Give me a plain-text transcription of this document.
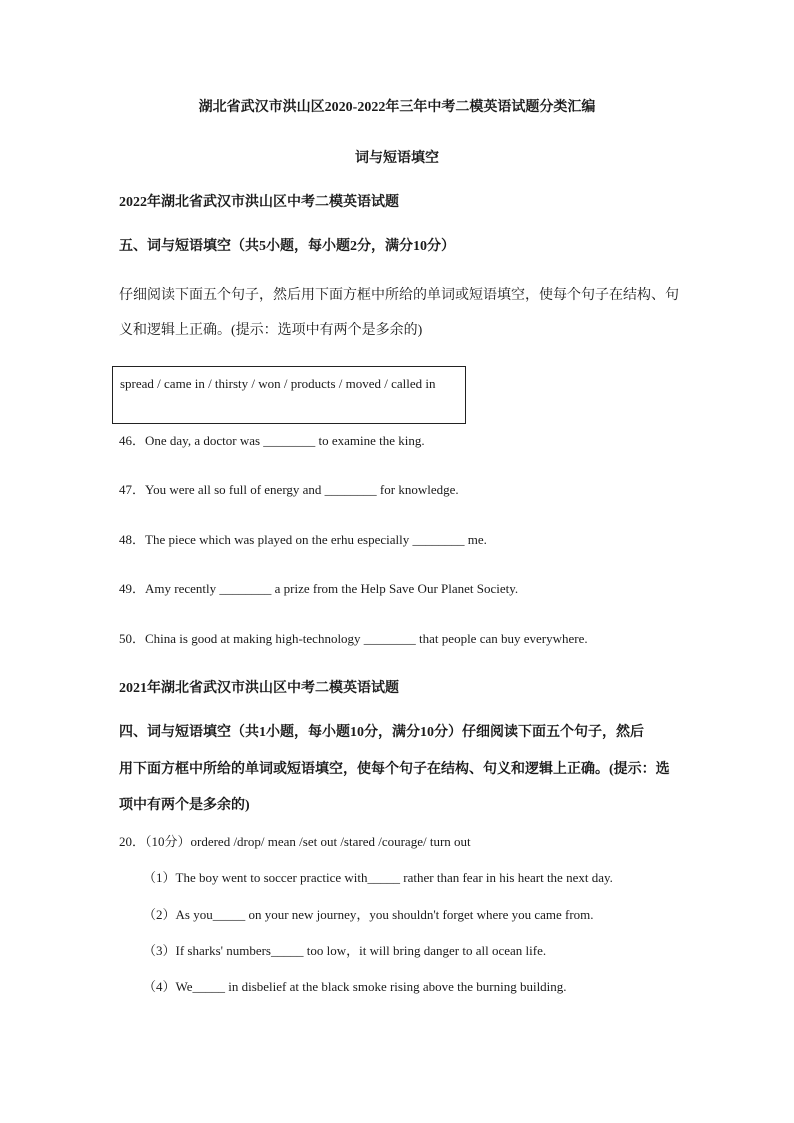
湖北省武汉市洪山区2020-2022年三年中考二模英语试题分类汇编
词与短语填空
2022年湖北省武汉市洪山区中考二模英语试题
五、词与短语填空（共5小题，每小题2分，满分10分）
仔细阅读下面五个句子，然后用下面方框中所给的单词或短语填空，使每个句子在结构、句
义和逻辑上正确。(提示：选项中有两个是多余的)
spread / came in / thirsty / won / products / moved / called in
46．One day, a doctor was ________ to examine the king.
47．You were all so full of energy and ________ for knowledge.
48．The piece which was played on the erhu especially ________ me.
49．Amy recently ________ a prize from the Help Save Our Planet Society.
50．China is good at making high-technology ________ that people can buy everywhere.
2021年湖北省武汉市洪山区中考二模英语试题
四、词与短语填空（共1小题，每小题10分，满分10分）仔细阅读下面五个句子，然后
用下面方框中所给的单词或短语填空，使每个句子在结构、句义和逻辑上正确。(提示：选
项中有两个是多余的)
20．（10分）ordered /drop/ mean /set out /stared /courage/ turn out
（1）The boy went to soccer practice with_____ rather than fear in his heart the next day.
（2）As you_____ on your new journey，you shouldn't forget where you came from.
（3）If sharks' numbers_____ too low，it will bring danger to all ocean life.
（4）We_____ in disbelief at the black smoke rising above the burning building.
